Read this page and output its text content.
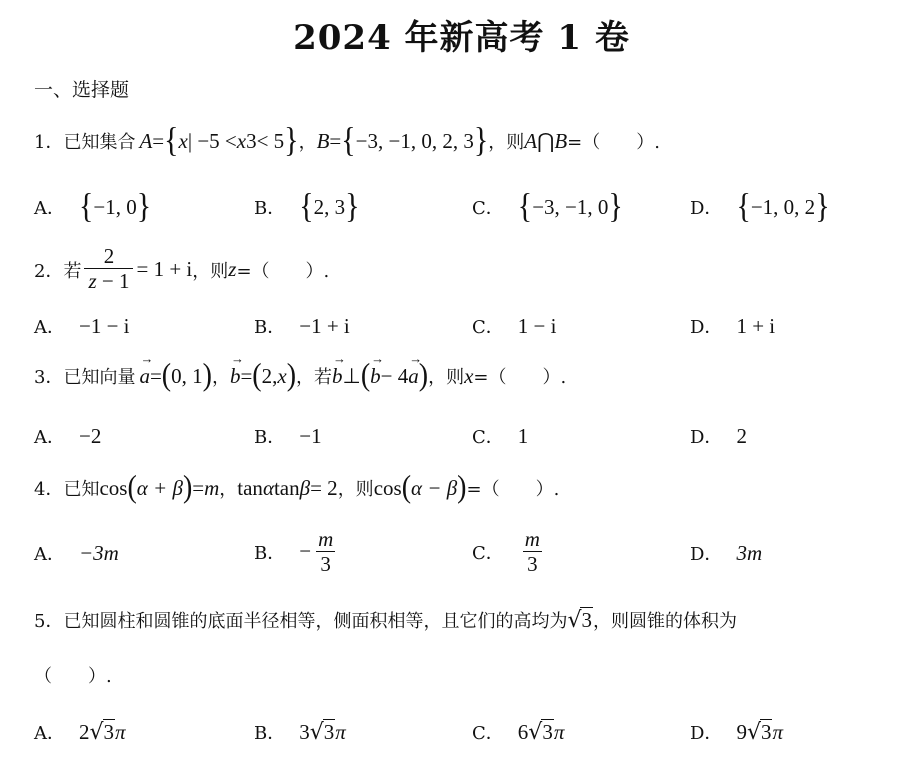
2024 年新高考 1 卷
一、选择题
1． 已知集合 A = { x | −5 < x 3 < 5 } ， B = { −3, −1, 0, 2, 3 } ，则 A ⋂ B =（　　）.
A． { −1, 0 }	B． { 2, 3 }	C． { −3, −1, 0 }	D． { −1, 0, 2 }
2． 若 $\frac{2}{z - 1} = 1 + i$ ，则 z =（　　）.
A． −1 − i	B． −1 + i	C． 1 − i	D． 1 + i
3． 已知向量 → a = ( 0, 1 ) ， → b = ( 2, x ) ，若 → b ⊥ ( → b − 4 → a ) ，则 x =（　　）.
A． −2	B． −1	C． 1	D． 2
4． 已知 cos ( α + β ) = m ， tan α tan β = 2 ，则 cos ( α − β ) =（　　）.
A． −3m	B． − $\frac{m}{3}$	C． $\frac{m}{3}$	D． 3m
5． 已知圆柱和圆锥的底面半径相等，侧面积相等，且它们的高均为 √ 3 ，则圆锥的体积为
（　　）.
A． 2 √ 3 π	B． 3 √ 3 π	C． 6 √ 3 π	D． 9 √ 3 π
